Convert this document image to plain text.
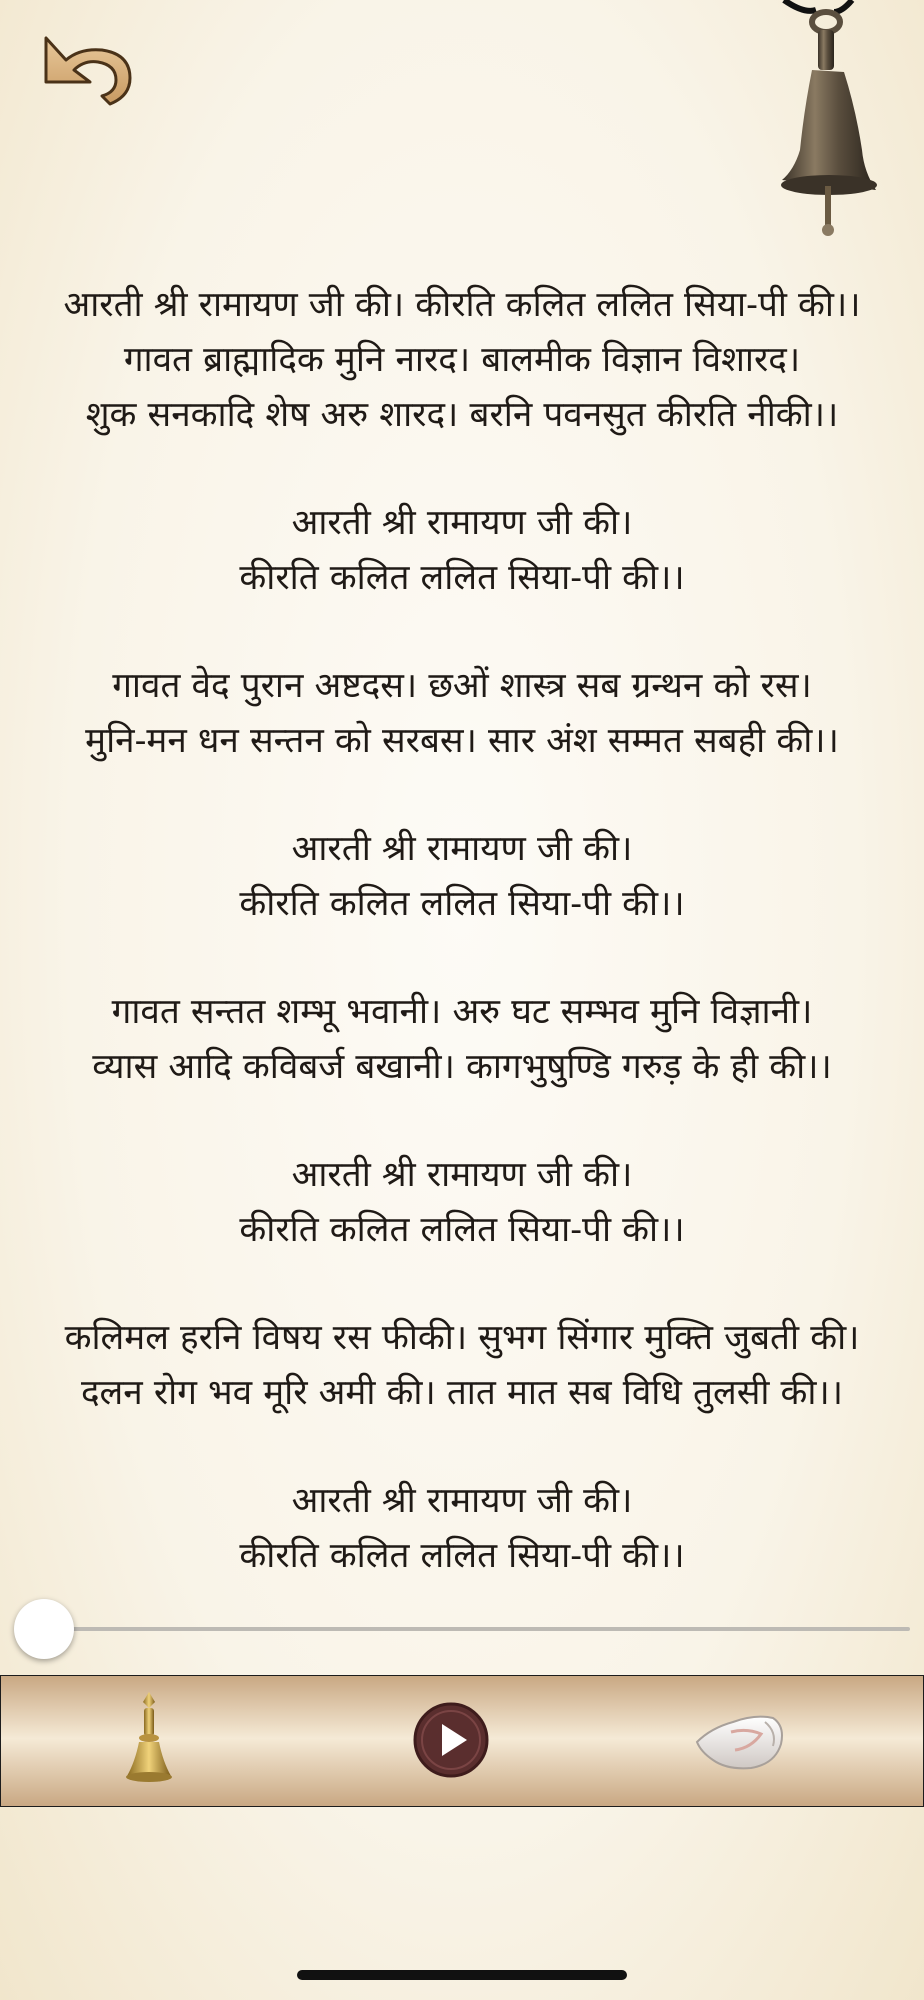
आरती श्री रामायण जी की। कीरति कलित ललित सिया-पी की।।
गावत ब्राह्मादिक मुनि नारद। बालमीक विज्ञान विशारद।
शुक सनकादि शेष अरु शारद। बरनि पवनसुत कीरति नीकी।।
आरती श्री रामायण जी की।
कीरति कलित ललित सिया-पी की।।
गावत वेद पुरान अष्टदस। छओं शास्त्र सब ग्रन्थन को रस।
मुनि-मन धन सन्तन को सरबस। सार अंश सम्मत सबही की।।
आरती श्री रामायण जी की।
कीरति कलित ललित सिया-पी की।।
गावत सन्तत शम्भू भवानी। अरु घट सम्भव मुनि विज्ञानी।
व्यास आदि कविबर्ज बखानी। कागभुषुण्डि गरुड़ के ही की।।
आरती श्री रामायण जी की।
कीरति कलित ललित सिया-पी की।।
कलिमल हरनि विषय रस फीकी। सुभग सिंगार मुक्ति जुबती की।
दलन रोग भव मूरि अमी की। तात मात सब विधि तुलसी की।।
आरती श्री रामायण जी की।
कीरति कलित ललित सिया-पी की।।
